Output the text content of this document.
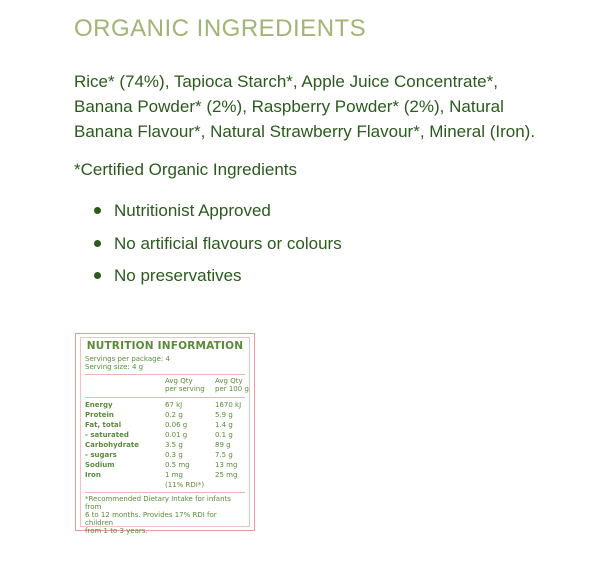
ORGANIC INGREDIENTS
Rice* (74%), Tapioca Starch*, Apple Juice Concentrate*,
Banana Powder* (2%), Raspberry Powder* (2%), Natural
Banana Flavour*, Natural Strawberry Flavour*, Mineral (Iron).
*Certified Organic Ingredients
Nutritionist Approved
No artificial flavours or colours
No preservatives
NUTRITION INFORMATION
Servings per package: 4
Serving size: 4 g
Avg Qty
per serving
Avg Qty
per 100 g
Energy	67 kJ	1670 kJ
Protein	0.2 g	5.9 g
Fat, total	0.06 g	1.4 g
- saturated	0.01 g	0.1 g
Carbohydrate	3.5 g	89 g
- sugars	0.3 g	7.5 g
Sodium	0.5 mg	13 mg
Iron	1 mg	25 mg
(11% RDI*)
*Recommended Dietary Intake for infants from
6 to 12 months. Provides 17% RDI for children
from 1 to 3 years.
